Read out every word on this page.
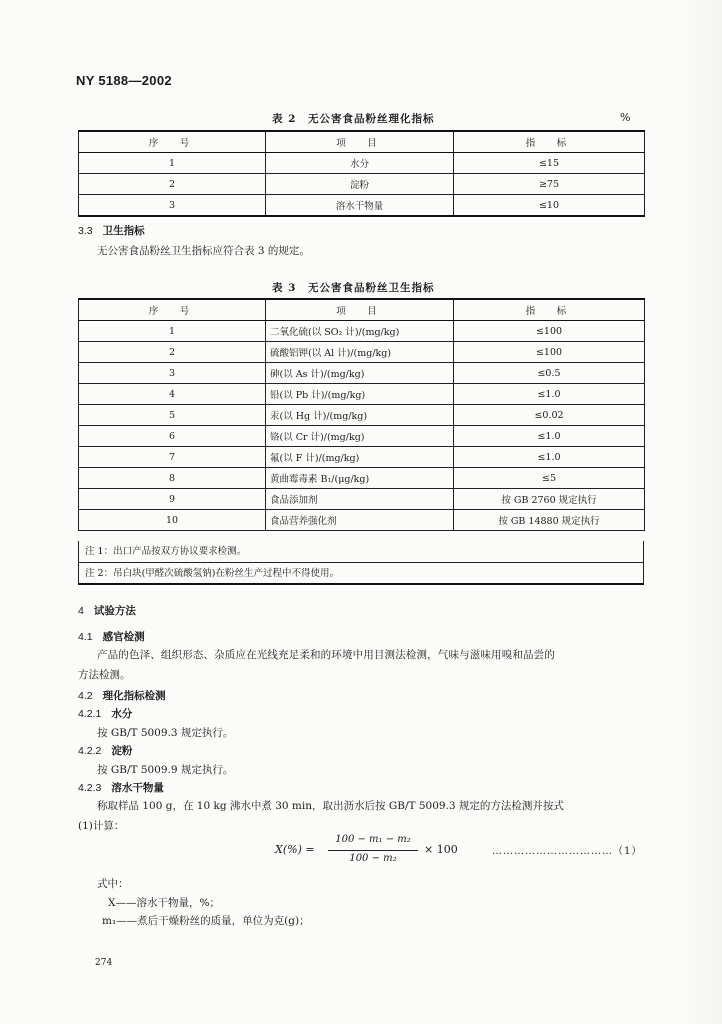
NY 5188—2002
表 2　无公害食品粉丝理化指标	%
序　号	项　目	指　标
1	水分	≤15
2	淀粉	≥75
3	溶水干物量	≤10
3.3 卫生指标
无公害食品粉丝卫生指标应符合表 3 的规定。
表 3　无公害食品粉丝卫生指标
序　号	项　目	指　标
1	二氧化硫(以 SO₂ 计)/(mg/kg)	≤100
2	硫酸铝钾(以 Al 计)/(mg/kg)	≤100
3	砷(以 As 计)/(mg/kg)	≤0.5
4	铅(以 Pb 计)/(mg/kg)	≤1.0
5	汞(以 Hg 计)/(mg/kg)	≤0.02
6	铬(以 Cr 计)/(mg/kg)	≤1.0
7	氟(以 F 计)/(mg/kg)	≤1.0
8	黄曲霉毒素 B₁/(μg/kg)	≤5
9	食品添加剂	按 GB 2760 规定执行
10	食品营养强化剂	按 GB 14880 规定执行
注 1：出口产品按双方协议要求检测。
注 2：吊白块(甲醛次硫酸氢钠)在粉丝生产过程中不得使用。
4 试验方法
4.1 感官检测
产品的色泽、组织形态、杂质应在光线充足柔和的环境中用目测法检测，气味与滋味用嗅和品尝的
方法检测。
4.2 理化指标检测
4.2.1 水分
按 GB/T 5009.3 规定执行。
4.2.2 淀粉
按 GB/T 5009.9 规定执行。
4.2.3 溶水干物量
称取样品 100 g，在 10 kg 沸水中煮 30 min，取出沥水后按 GB/T 5009.3 规定的方法检测并按式
(1)计算：
X(%) =
100 − m₁ − m₂
100 − m₂
× 100	……………………………（1）
式中：
X——溶水干物量，%；
m₁——煮后干燥粉丝的质量，单位为克(g)；
274
